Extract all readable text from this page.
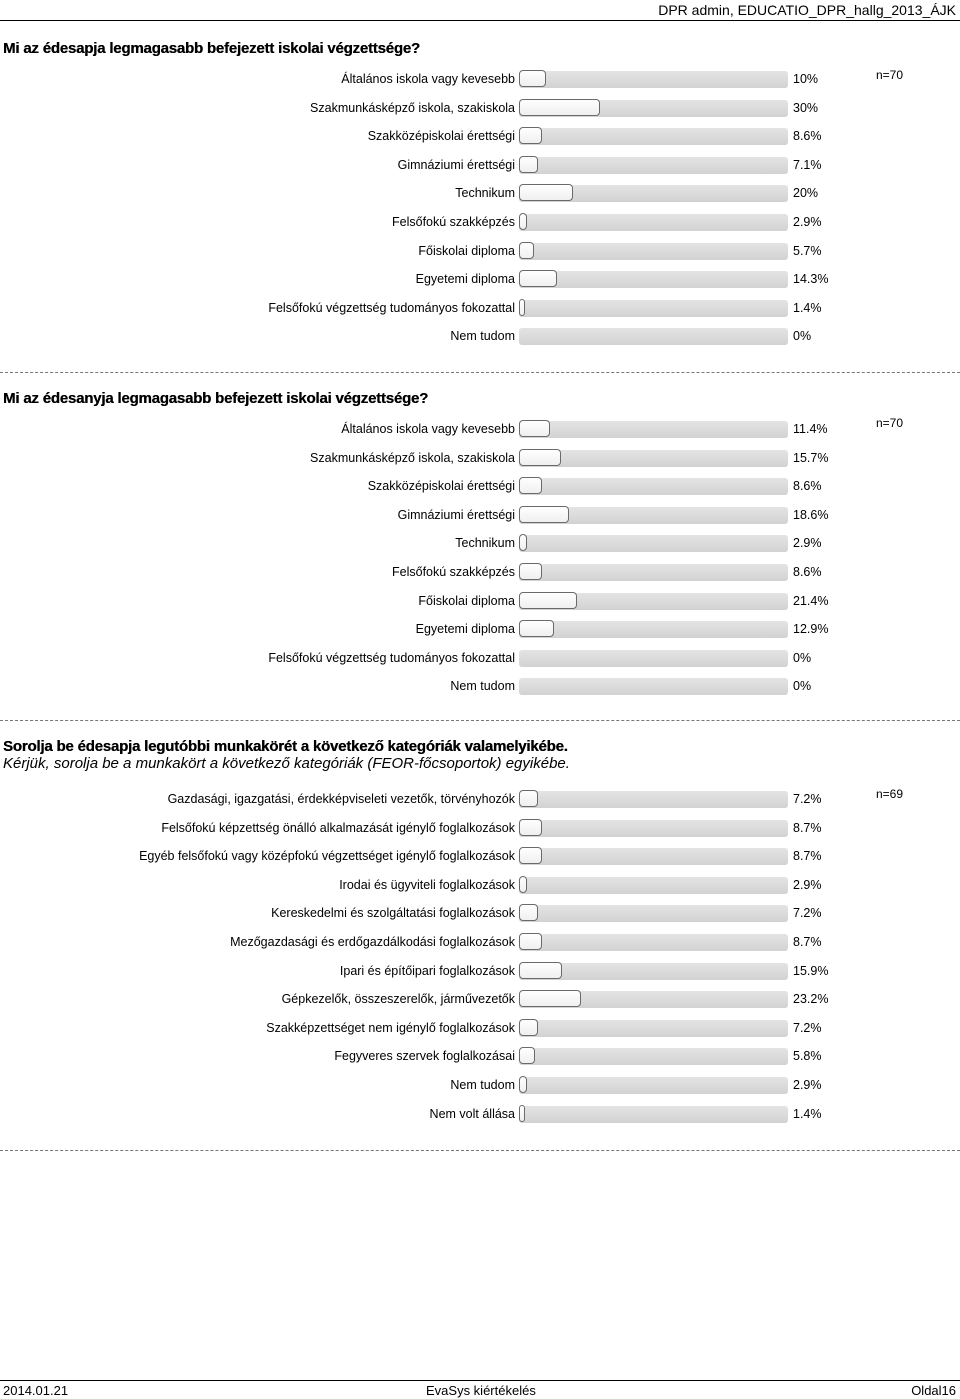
DPR admin, EDUCATIO_DPR_hallg_2013_ÁJK
Mi az édesapja legmagasabb befejezett iskolai végzettsége?
n=70
Általános iskola vagy kevesebb	10%
Szakmunkásképző iskola, szakiskola	30%
Szakközépiskolai érettségi	8.6%
Gimnáziumi érettségi	7.1%
Technikum	20%
Felsőfokú szakképzés	2.9%
Főiskolai diploma	5.7%
Egyetemi diploma	14.3%
Felsőfokú végzettség tudományos fokozattal	1.4%
Nem tudom	0%
Mi az édesanyja legmagasabb befejezett iskolai végzettsége?
n=70
Általános iskola vagy kevesebb	11.4%
Szakmunkásképző iskola, szakiskola	15.7%
Szakközépiskolai érettségi	8.6%
Gimnáziumi érettségi	18.6%
Technikum	2.9%
Felsőfokú szakképzés	8.6%
Főiskolai diploma	21.4%
Egyetemi diploma	12.9%
Felsőfokú végzettség tudományos fokozattal	0%
Nem tudom	0%
Sorolja be édesapja legutóbbi munkakörét a következő kategóriák valamelyikébe.
Kérjük, sorolja be a munkakört a következő kategóriák (FEOR-főcsoportok) egyikébe.
n=69
Gazdasági, igazgatási, érdekképviseleti vezetők, törvényhozók	7.2%
Felsőfokú képzettség önálló alkalmazását igénylő foglalkozások	8.7%
Egyéb felsőfokú vagy középfokú végzettséget igénylő foglalkozások	8.7%
Irodai és ügyviteli foglalkozások	2.9%
Kereskedelmi és szolgáltatási foglalkozások	7.2%
Mezőgazdasági és erdőgazdálkodási foglalkozások	8.7%
Ipari és építőipari foglalkozások	15.9%
Gépkezelők, összeszerelők, járművezetők	23.2%
Szakképzettséget nem igénylő foglalkozások	7.2%
Fegyveres szervek foglalkozásai	5.8%
Nem tudom	2.9%
Nem volt állása	1.4%
2014.01.21	EvaSys kiértékelés	Oldal16
